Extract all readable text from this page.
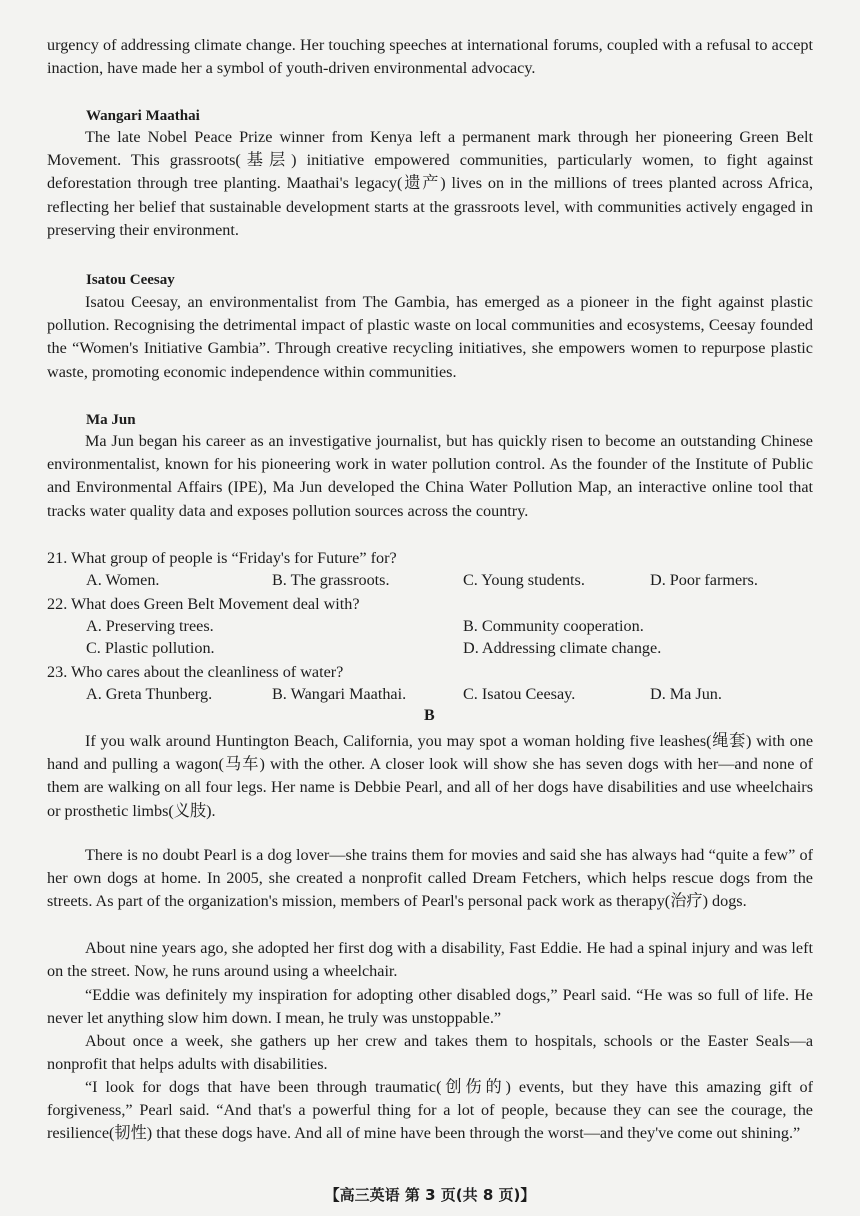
urgency of addressing climate change. Her touching speeches at international forums, coupled with a refusal to accept inaction, have made her a symbol of youth-driven environmental advocacy.

Wangari Maathai

The late Nobel Peace Prize winner from Kenya left a permanent mark through her pioneering Green Belt Movement. This grassroots(基层) initiative empowered communities, particularly women, to fight against deforestation through tree planting. Maathai's legacy(遗产) lives on in the millions of trees planted across Africa, reflecting her belief that sustainable development starts at the grassroots level, with communities actively engaged in preserving their environment.

Isatou Ceesay

Isatou Ceesay, an environmentalist from The Gambia, has emerged as a pioneer in the fight against plastic pollution. Recognising the detrimental impact of plastic waste on local communities and ecosystems, Ceesay founded the “Women's Initiative Gambia”. Through creative recycling initiatives, she empowers women to repurpose plastic waste, promoting economic independence within communities.

Ma Jun

Ma Jun began his career as an investigative journalist, but has quickly risen to become an outstanding Chinese environmentalist, known for his pioneering work in water pollution control. As the founder of the Institute of Public and Environmental Affairs (IPE), Ma Jun developed the China Water Pollution Map, an interactive online tool that tracks water quality data and exposes pollution sources across the country.

21. What group of people is “Friday's for Future” for?

A. Women.	B. The grassroots.	C. Young students.	D. Poor farmers.

22. What does Green Belt Movement deal with?

A. Preserving trees.	B. Community cooperation.

C. Plastic pollution.	D. Addressing climate change.

23. Who cares about the cleanliness of water?

A. Greta Thunberg.	B. Wangari Maathai.	C. Isatou Ceesay.	D. Ma Jun.

B

If you walk around Huntington Beach, California, you may spot a woman holding five leashes(绳套) with one hand and pulling a wagon(马车) with the other. A closer look will show she has seven dogs with her—and none of them are walking on all four legs. Her name is Debbie Pearl, and all of her dogs have disabilities and use wheelchairs or prosthetic limbs(义肢).

There is no doubt Pearl is a dog lover—she trains them for movies and said she has always had “quite a few” of her own dogs at home. In 2005, she created a nonprofit called Dream Fetchers, which helps rescue dogs from the streets. As part of the organization's mission, members of Pearl's personal pack work as therapy(治疗) dogs.

About nine years ago, she adopted her first dog with a disability, Fast Eddie. He had a spinal injury and was left on the street. Now, he runs around using a wheelchair.

“Eddie was definitely my inspiration for adopting other disabled dogs,” Pearl said. “He was so full of life. He never let anything slow him down. I mean, he truly was unstoppable.”

About once a week, she gathers up her crew and takes them to hospitals, schools or the Easter Seals—a nonprofit that helps adults with disabilities.

“I look for dogs that have been through traumatic(创伤的) events, but they have this amazing gift of forgiveness,” Pearl said. “And that's a powerful thing for a lot of people, because they can see the courage, the resilience(韧性) that these dogs have. And all of mine have been through the worst—and they've come out shining.”

【高三英语 第 3 页(共 8 页)】
